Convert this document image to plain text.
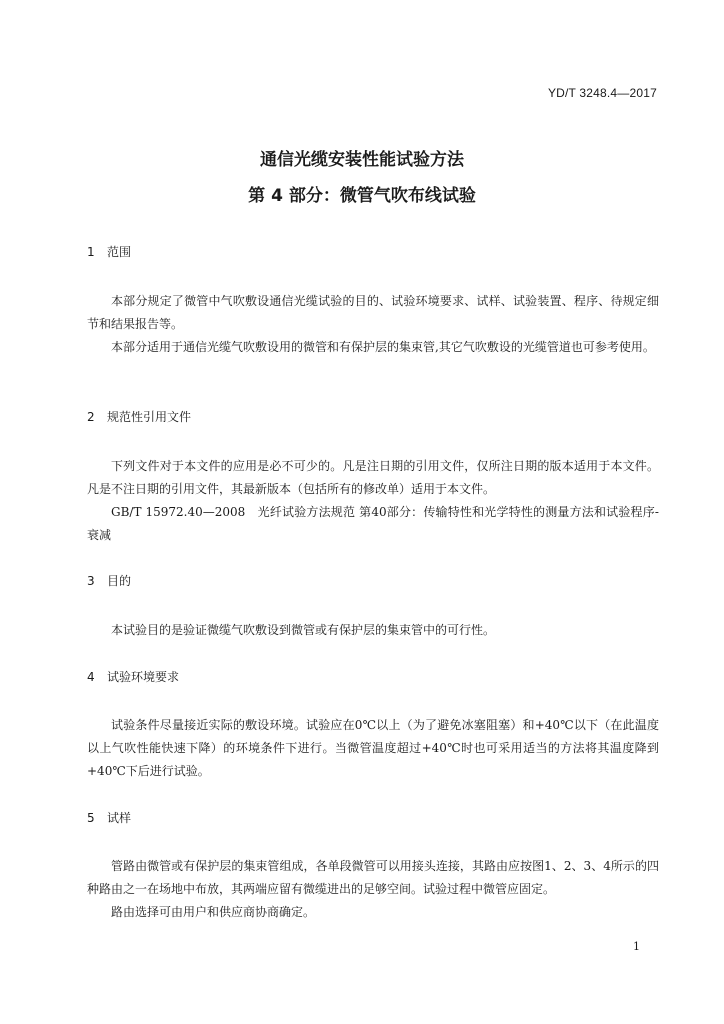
YD/T 3248.4—2017
通信光缆安装性能试验方法
第 4 部分：微管气吹布线试验
1 范围

本部分规定了微管中气吹敷设通信光缆试验的目的、试验环境要求、试样、试验装置、程序、待规定细节和结果报告等。

本部分适用于通信光缆气吹敷设用的微管和有保护层的集束管,其它气吹敷设的光缆管道也可参考使用。

2 规范性引用文件

下列文件对于本文件的应用是必不可少的。凡是注日期的引用文件，仅所注日期的版本适用于本文件。凡是不注日期的引用文件，其最新版本（包括所有的修改单）适用于本文件。

GB/T 15972.40—2008　光纤试验方法规范 第40部分：传输特性和光学特性的测量方法和试验程序-衰减

3 目的

本试验目的是验证微缆气吹敷设到微管或有保护层的集束管中的可行性。

4 试验环境要求

试验条件尽量接近实际的敷设环境。试验应在0℃以上（为了避免冰塞阻塞）和+40℃以下（在此温度以上气吹性能快速下降）的环境条件下进行。当微管温度超过+40℃时也可采用适当的方法将其温度降到+40℃下后进行试验。

5 试样

管路由微管或有保护层的集束管组成，各单段微管可以用接头连接，其路由应按图1、2、3、4所示的四种路由之一在场地中布放，其两端应留有微缆进出的足够空间。试验过程中微管应固定。

路由选择可由用户和供应商协商确定。

1
